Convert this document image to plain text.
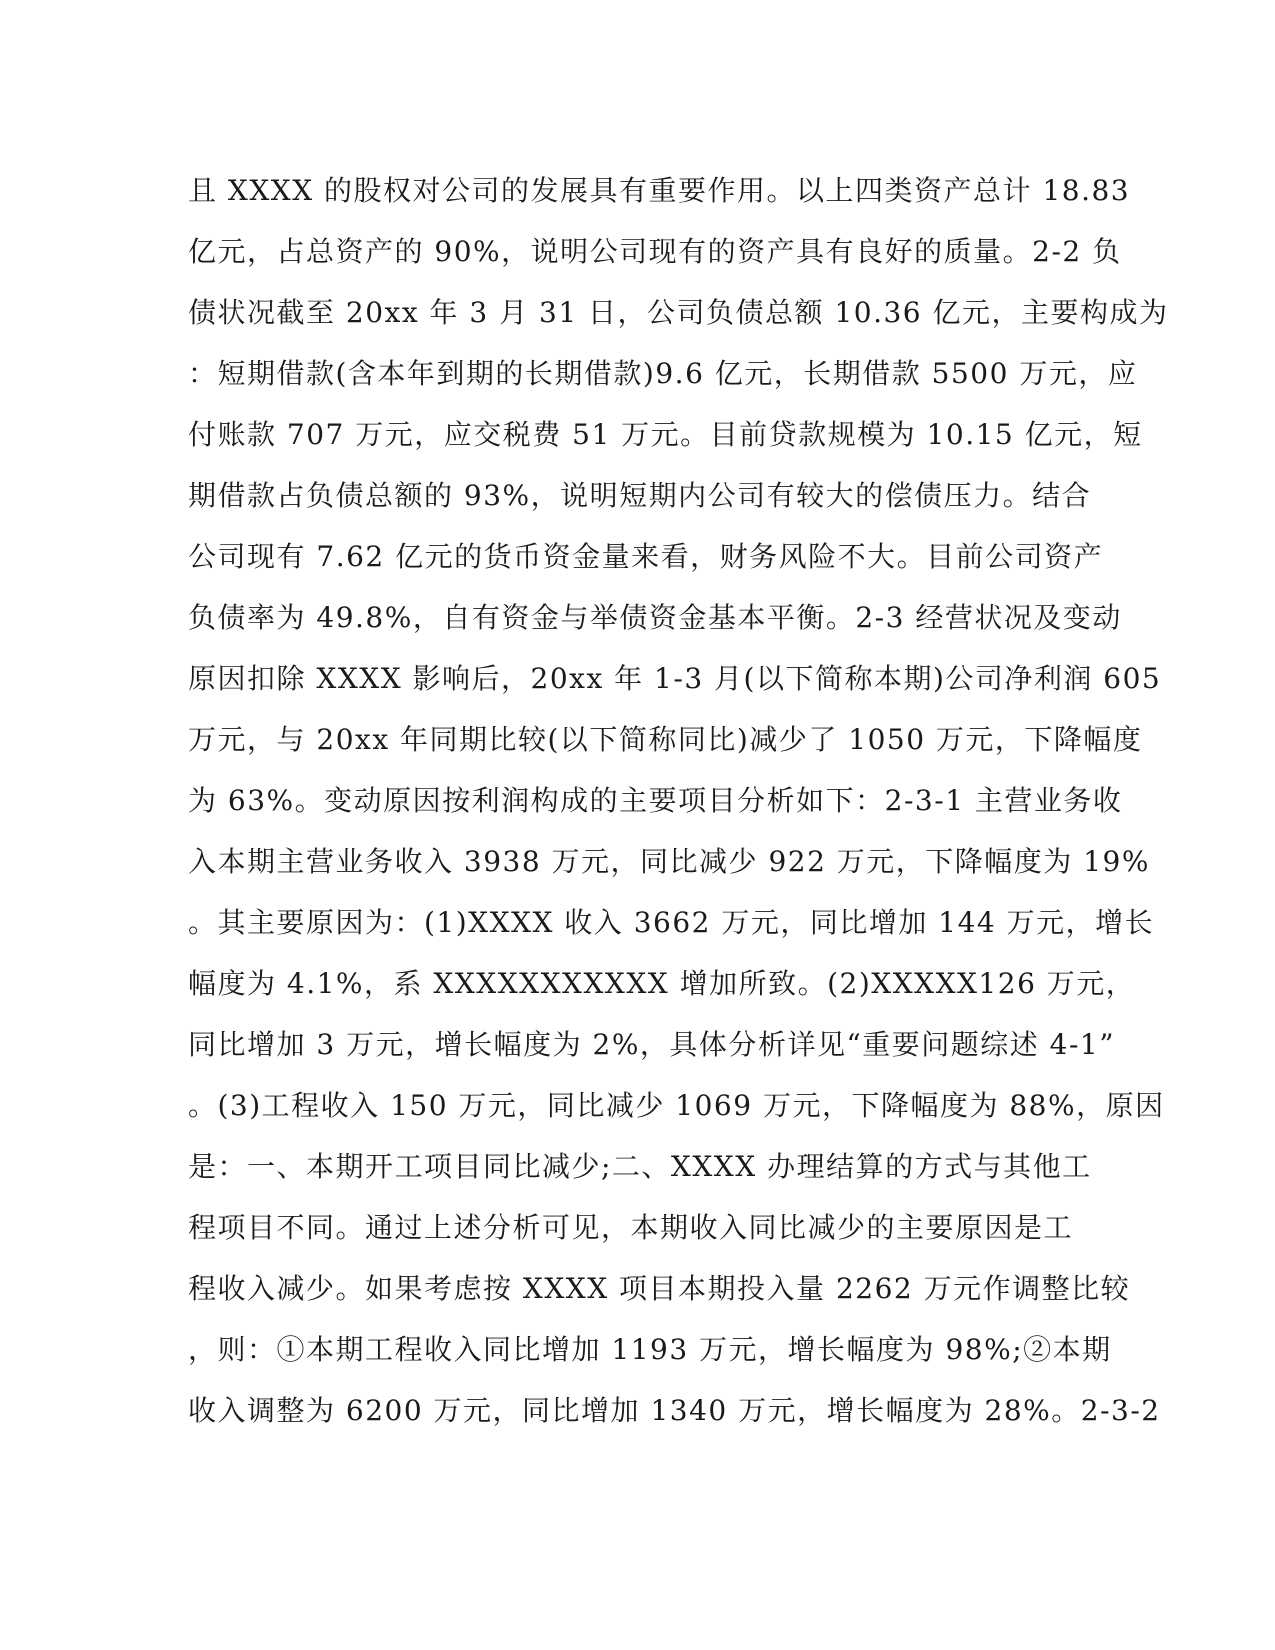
且 XXXX 的股权对公司的发展具有重要作用。以上四类资产总计 18.83
亿元，占总资产的 90%，说明公司现有的资产具有良好的质量。2-2 负
债状况截至 20xx 年 3 月 31 日，公司负债总额 10.36 亿元，主要构成为
：短期借款(含本年到期的长期借款)9.6 亿元，长期借款 5500 万元，应
付账款 707 万元，应交税费 51 万元。目前贷款规模为 10.15 亿元，短
期借款占负债总额的 93%，说明短期内公司有较大的偿债压力。结合
公司现有 7.62 亿元的货币资金量来看，财务风险不大。目前公司资产
负债率为 49.8%，自有资金与举债资金基本平衡。2-3 经营状况及变动
原因扣除 XXXX 影响后，20xx 年 1-3 月(以下简称本期)公司净利润 605
万元，与 20xx 年同期比较(以下简称同比)减少了 1050 万元，下降幅度
为 63%。变动原因按利润构成的主要项目分析如下：2-3-1 主营业务收
入本期主营业务收入 3938 万元，同比减少 922 万元，下降幅度为 19%
。其主要原因为：(1)XXXX 收入 3662 万元，同比增加 144 万元，增长
幅度为 4.1%，系 XXXXXXXXXXX 增加所致。(2)XXXXX126 万元，
同比增加 3 万元，增长幅度为 2%，具体分析详见“重要问题综述 4-1”
。(3)工程收入 150 万元，同比减少 1069 万元，下降幅度为 88%，原因
是：一、本期开工项目同比减少;二、XXXX 办理结算的方式与其他工
程项目不同。通过上述分析可见，本期收入同比减少的主要原因是工
程收入减少。如果考虑按 XXXX 项目本期投入量 2262 万元作调整比较
，则：①本期工程收入同比增加 1193 万元，增长幅度为 98%;②本期
收入调整为 6200 万元，同比增加 1340 万元，增长幅度为 28%。2-3-2
